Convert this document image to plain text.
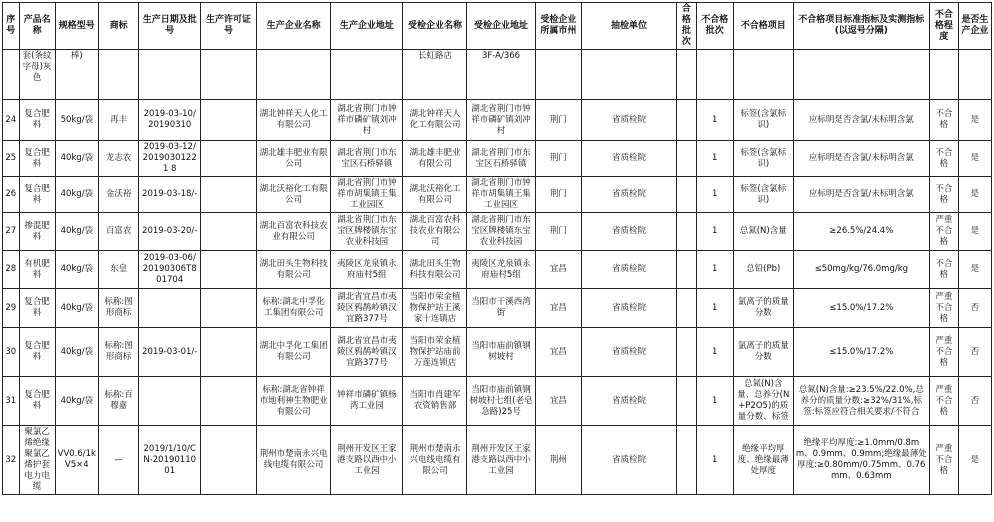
序号	产品名称	规格型号	商标	生产日期及批号	生产许可证号	生产企业名称	生产企业地址	受检企业名称	受检企业地址	受检企业所属市州	抽检单位	合格批次	不合格批次	不合格项目	不合格项目标准指标及实测指标(以逗号分隔)	不合格程度	是否生产企业
	套(条纹字母)灰色	棒)						长虹路店	3F-A/366								
24	复合肥料	50kg/袋	再丰	2019-03-10/20190310		湖北钟祥天人化工有限公司	湖北省荆门市钟祥市磷矿镇刘冲村	湖北钟祥天人化工有限公司	湖北省荆门市钟祥市磷矿镇刘冲村	荆门	省质检院		1	标签(含氯标识)	应标明是否含氯/未标明含氯	不合格	是
25	复合肥料	40kg/袋	龙志农	2019-03-12/20190301221 8		湖北雄丰肥业有限公司	湖北省荆门市东宝区石桥驿镇	湖北雄丰肥业有限公司	湖北省荆门市东宝区石桥驿镇	荆门	省质检院		1	标签(含氯标识)	应标明是否含氯/未标明含氯	不合格	是
26	复合肥料	40kg/袋	金沃裕	2019-03-18/-		湖北沃裕化工有限公司	湖北省荆门市钟祥市胡集镇王集工业园区	湖北沃裕化工有限公司	湖北省荆门市钟祥市胡集镇王集工业园区	荆门	省质检院		1	标签(含氯标识)	应标明是否含氯/未标明含氯	不合格	是
27	掺混肥料	40kg/袋	百富农	2019-03-20/-		湖北百富农科技农业有限公司	湖北省荆门市东宝区牌楼镇东宝农业科技园	湖北百富农科技农业有限公司	湖北省荆门市东宝区牌楼镇东宝农业科技园	荆门	省质检院		1	总氮(N)含量	≥26.5%/24.4%	严重不合格	是
28	有机肥料	40kg/袋	东皇	2019-03-06/20190306T801704		湖北田头生物科技有限公司	夷陵区龙泉镇永府庙村5组	湖北田头生物科技有限公司	夷陵区龙泉镇永府庙村5组	宜昌	省质检院		1	总铅(Pb)	≤50mg/kg/76.0mg/kg	不合格	是
29	复合肥料	40kg/袋	标称:图形商标			标称:湖北中孚化工集团有限公司	湖北省宜昌市夷陵区鸦鹊岭镇汉宜路377号	当阳市荣金植物保护站王溪家十连镇店	当阳市干溪西湾街	宜昌	省质检院		1	氯离子的质量分数	≤15.0%/17.2%	严重不合格	否
30	复合肥料	40kg/袋	标称:图形商标	2019-03-01/-		湖北中孚化工集团有限公司	湖北省宜昌市夷陵区鸦鹊岭镇汉宜路377号	当阳市荣金植物保护站庙前万莲连锁店	当阳市庙前镇钢树坡村	宜昌	省质检院		1	氯离子的质量分数	≤15.0%/17.2%	严重不合格	否
31	复合肥料	40kg/袋	标称:百穆嘉			标称:湖北省钟祥市地利神生物肥业有限公司	钟祥市磷矿镇杨湾工业园	当阳市肖建军农资销售部	当阳市庙前镇钢树坡村七组(老皂急路)25号	宜昌	省质检院		1	总氮(N)含量、总养分(N+P2O5)的质量分数、标签	总氮(N)含量:≥23.5%/22.0%,总养分的质量分数:≥32%/31%,标签:标签应符合相关要求/不符合	严重不合格	否
32	聚氯乙烯绝缘聚氯乙烯护套电力电缆	VV0.6/1kV5×4	—	2019/1/10/CN-20190110 01		荆州市楚南永兴电线电缆有限公司	荆州开发区王家港支路以西中小工业园	荆州市楚南永兴电线电缆有限公司	荆州开发区王家港支路以西中小工业园	荆州	省质检院		1	绝缘平均厚度、绝缘最薄处厚度	绝缘平均厚度:≥1.0mm/0.8mm、0.9mm、0.9mm;绝缘最薄处厚度:≥0.80mm/0.75mm、0.76mm、0.63mm	严重不合格	是
